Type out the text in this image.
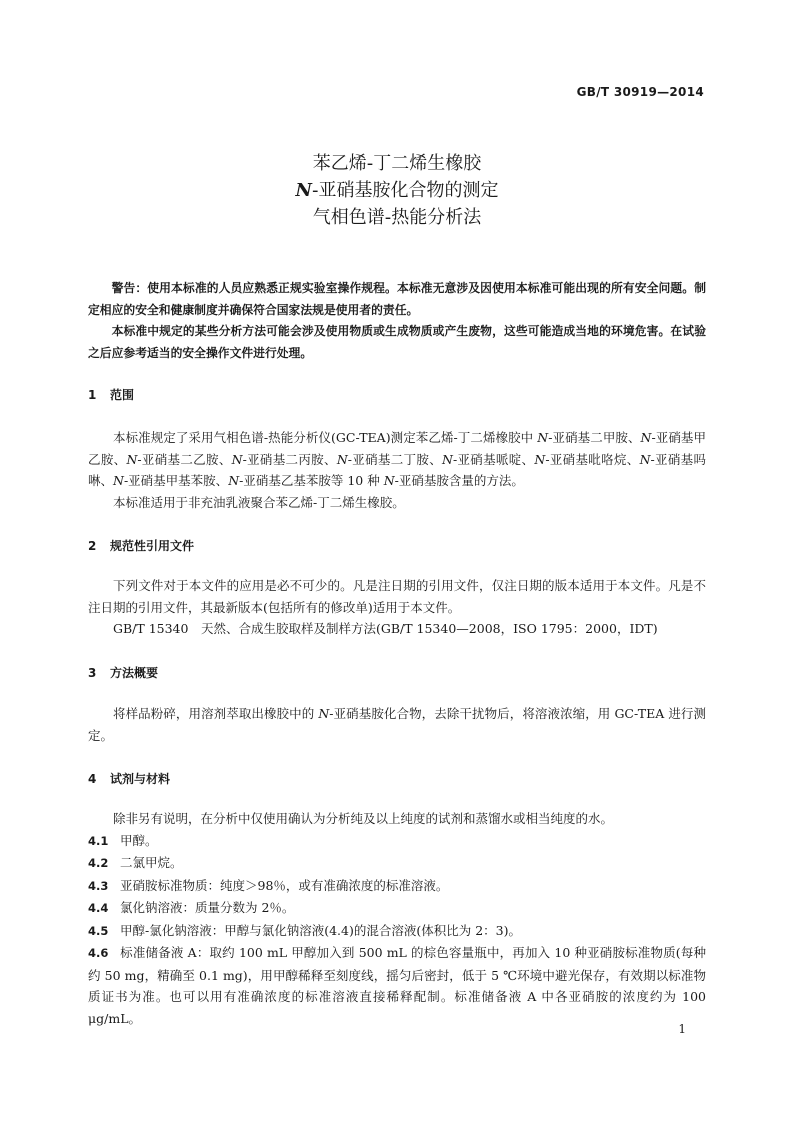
GB/T 30919—2014
苯乙烯-丁二烯生橡胶
N-亚硝基胺化合物的测定
气相色谱-热能分析法

警告：使用本标准的人员应熟悉正规实验室操作规程。本标准无意涉及因使用本标准可能出现的所有安全问题。制定相应的安全和健康制度并确保符合国家法规是使用者的责任。

本标准中规定的某些分析方法可能会涉及使用物质或生成物质或产生废物，这些可能造成当地的环境危害。在试验之后应参考适当的安全操作文件进行处理。

1 范围

本标准规定了采用气相色谱-热能分析仪(GC-TEA)测定苯乙烯-丁二烯橡胶中 N-亚硝基二甲胺、N-亚硝基甲乙胺、N-亚硝基二乙胺、N-亚硝基二丙胺、N-亚硝基二丁胺、N-亚硝基哌啶、N-亚硝基吡咯烷、N-亚硝基吗啉、N-亚硝基甲基苯胺、N-亚硝基乙基苯胺等 10 种 N-亚硝基胺含量的方法。

本标准适用于非充油乳液聚合苯乙烯-丁二烯生橡胶。

2 规范性引用文件

下列文件对于本文件的应用是必不可少的。凡是注日期的引用文件，仅注日期的版本适用于本文件。凡是不注日期的引用文件，其最新版本(包括所有的修改单)适用于本文件。

GB/T 15340　天然、合成生胶取样及制样方法(GB/T 15340—2008，ISO 1795：2000，IDT)

3 方法概要

将样品粉碎，用溶剂萃取出橡胶中的 N-亚硝基胺化合物，去除干扰物后，将溶液浓缩，用 GC-TEA 进行测定。

4 试剂与材料

除非另有说明，在分析中仅使用确认为分析纯及以上纯度的试剂和蒸馏水或相当纯度的水。

4.1 甲醇。

4.2 二氯甲烷。

4.3 亚硝胺标准物质：纯度＞98％，或有准确浓度的标准溶液。

4.4 氯化钠溶液：质量分数为 2％。

4.5 甲醇-氯化钠溶液：甲醇与氯化钠溶液(4.4)的混合溶液(体积比为 2：3)。

4.6 标准储备液 A：取约 100 mL 甲醇加入到 500 mL 的棕色容量瓶中，再加入 10 种亚硝胺标准物质(每种约 50 mg，精确至 0.1 mg)，用甲醇稀释至刻度线，摇匀后密封，低于 5 ℃环境中避光保存，有效期以标准物质证书为准。也可以用有准确浓度的标准溶液直接稀释配制。标准储备液 A 中各亚硝胺的浓度约为 100 μg/mL。

1
